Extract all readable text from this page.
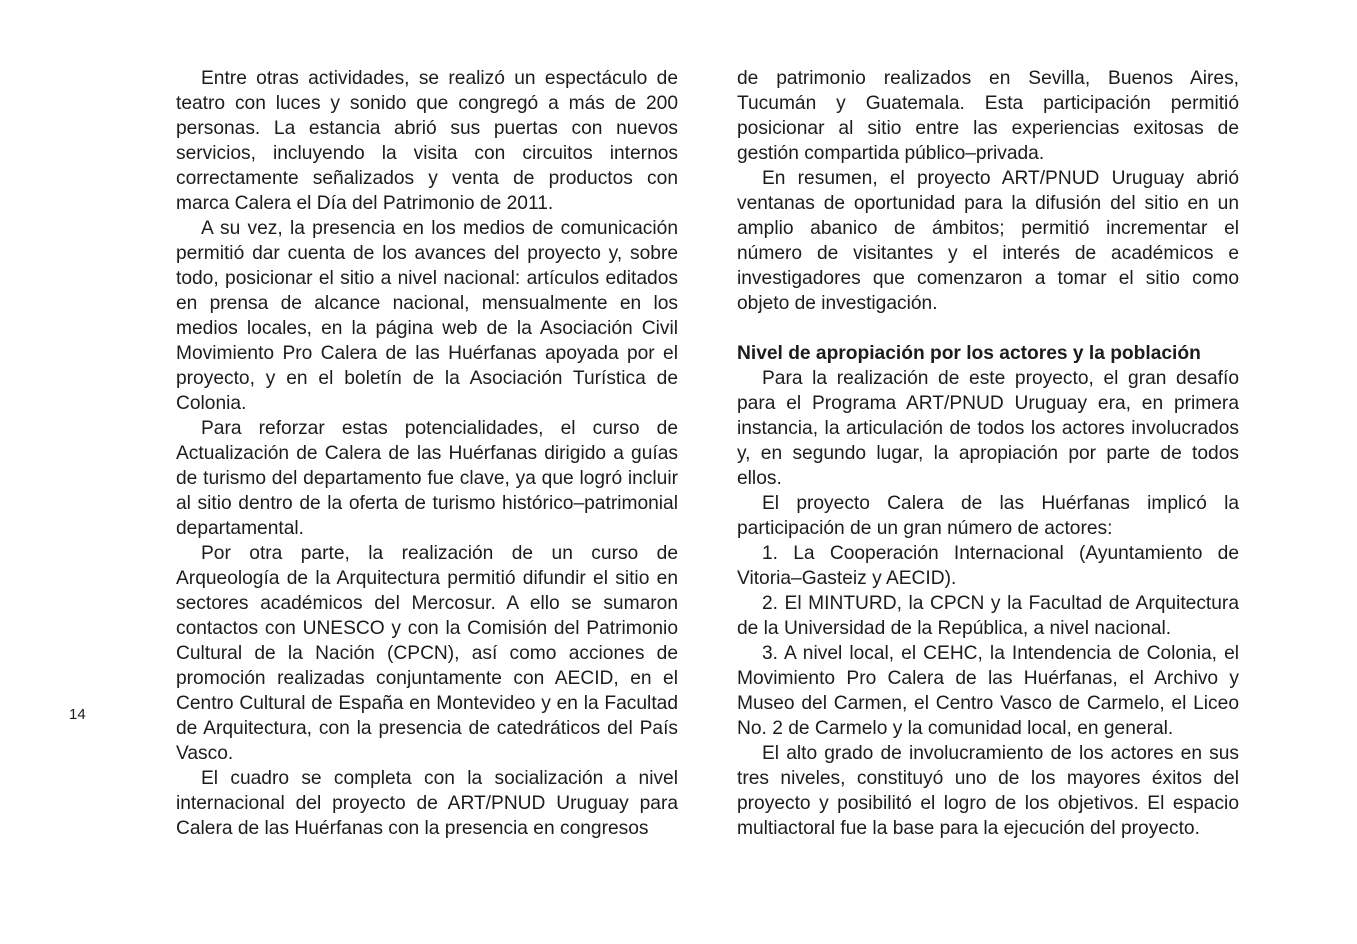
14

Entre otras actividades, se realizó un espectáculo de teatro con luces y sonido que congregó a más de 200 personas. La estancia abrió sus puertas con nuevos servicios, incluyendo la visita con circuitos internos correctamente señalizados y venta de productos con marca Calera el Día del Patrimonio de 2011.

A su vez, la presencia en los medios de comunicación permitió dar cuenta de los avances del proyecto y, sobre todo, posicionar el sitio a nivel nacional: artículos editados en prensa de alcance nacional, mensualmente en los medios locales, en la página web de la Asociación Civil Movimiento Pro Calera de las Huérfanas apoyada por el proyecto, y en el boletín de la Asociación Turística de Colonia.

Para reforzar estas potencialidades, el curso de Actualización de Calera de las Huérfanas dirigido a guías de turismo del departamento fue clave, ya que logró incluir al sitio dentro de la oferta de turismo histórico–patrimonial departamental.

Por otra parte, la realización de un curso de Arqueología de la Arquitectura permitió difundir el sitio en sectores académicos del Mercosur. A ello se sumaron contactos con UNESCO y con la Comisión del Patrimonio Cultural de la Nación (CPCN), así como acciones de promoción realizadas conjuntamente con AECID, en el Centro Cultural de España en Montevideo y en la Facultad de Arquitectura, con la presencia de catedráticos del País Vasco.

El cuadro se completa con la socialización a nivel internacional del proyecto de ART/PNUD Uruguay para Calera de las Huérfanas con la presencia en congresos

de patrimonio realizados en Sevilla, Buenos Aires, Tucumán y Guatemala. Esta participación permitió posicionar al sitio entre las experiencias exitosas de gestión compartida público–privada.

En resumen, el proyecto ART/PNUD Uruguay abrió ventanas de oportunidad para la difusión del sitio en un amplio abanico de ámbitos; permitió incrementar el número de visitantes y el interés de académicos e investigadores que comenzaron a tomar el sitio como objeto de investigación.

Nivel de apropiación por los actores y la población

Para la realización de este proyecto, el gran desafío para el Programa ART/PNUD Uruguay era, en primera instancia, la articulación de todos los actores involucrados y, en segundo lugar, la apropiación por parte de todos ellos.

El proyecto Calera de las Huérfanas implicó la participación de un gran número de actores:

1. La Cooperación Internacional (Ayuntamiento de Vitoria–Gasteiz y AECID).

2. El MINTURD, la CPCN y la Facultad de Arquitectura de la Universidad de la República, a nivel nacional.

3. A nivel local, el CEHC, la Intendencia de Colonia, el Movimiento Pro Calera de las Huérfanas, el Archivo y Museo del Carmen, el Centro Vasco de Carmelo, el Liceo No. 2 de Carmelo y la comunidad local, en general.

El alto grado de involucramiento de los actores en sus tres niveles, constituyó uno de los mayores éxitos del proyecto y posibilitó el logro de los objetivos. El espacio multiactoral fue la base para la ejecución del proyecto.
